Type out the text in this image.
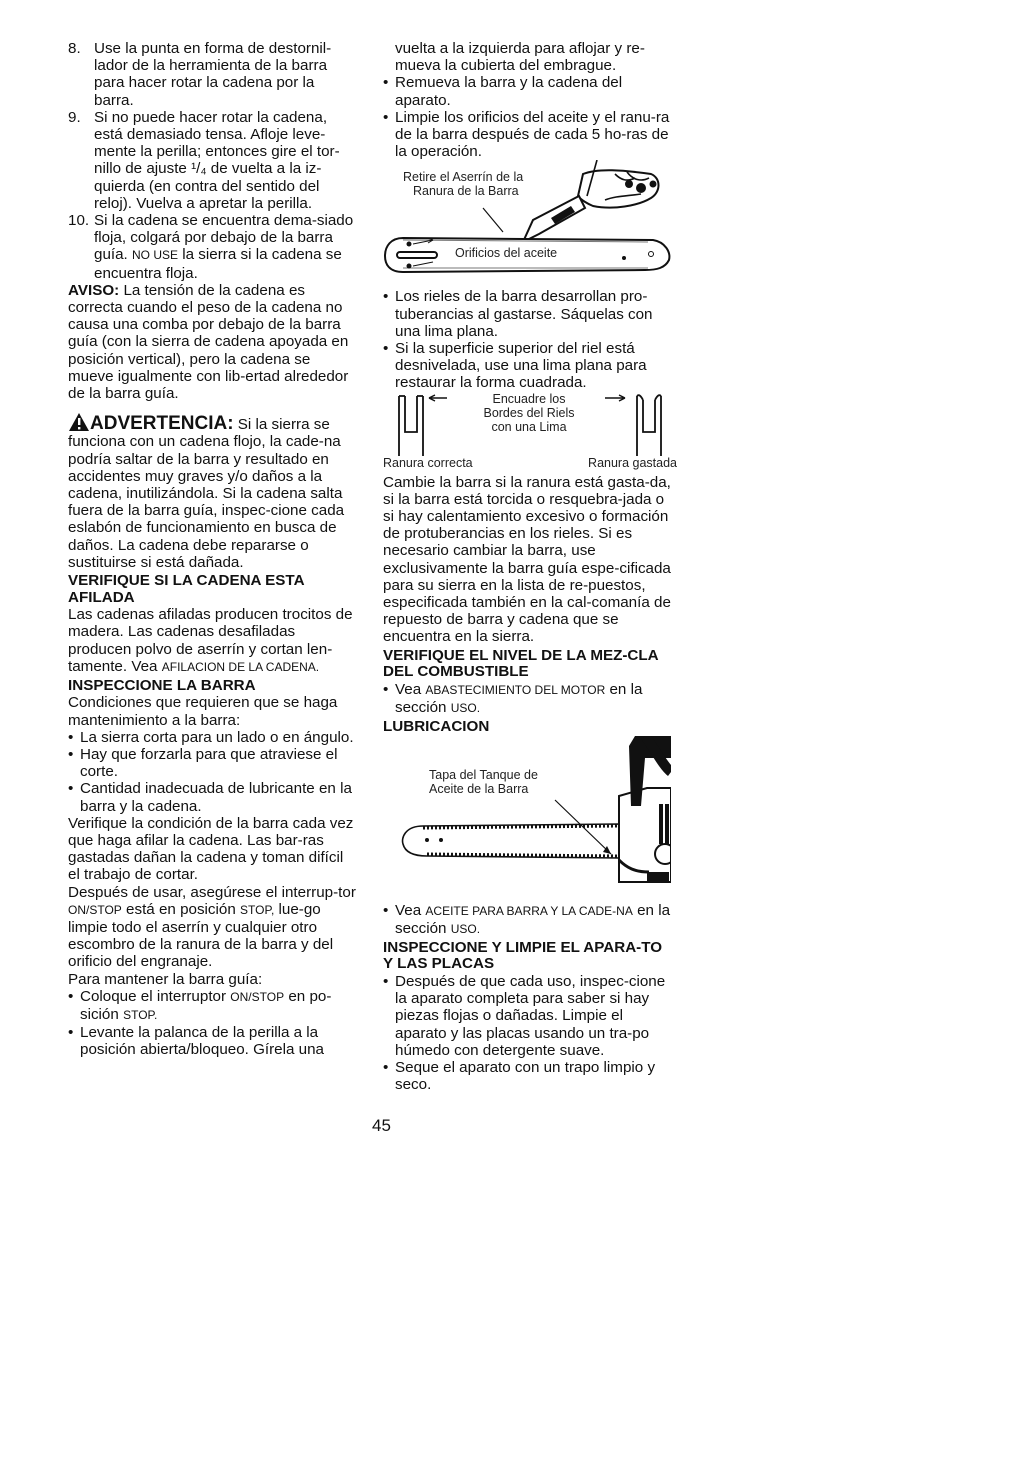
8. Use la punta en forma de destornil-lador de la herramienta de la barra para hacer rotar la cadena por la barra.
9. Si no puede hacer rotar la cadena, está demasiado tensa. Afloje leve-mente la perilla; entonces gire el tor-nillo de ajuste ¹/₄ de vuelta a la iz-quierda (en contra del sentido del reloj). Vuelva a apretar la perilla.
10. Si la cadena se encuentra dema-siado floja, colgará por debajo de la barra guía. NO USE la sierra si la cadena se encuentra floja.

AVISO: La tensión de la cadena es correcta cuando el peso de la cadena no causa una comba por debajo de la barra guía (con la sierra de cadena apoyada en posición vertical), pero la cadena se mueve igualmente con lib-ertad alrededor de la barra guía.

ADVERTENCIA: Si la sierra se funciona con un cadena flojo, la cade-na podría saltar de la barra y resultado en accidentes muy graves y/o daños a la cadena, inutilizándola. Si la cadena salta fuera de la barra guía, inspec-cione cada eslabón de funcionamiento en busca de daños. La cadena debe repararse o sustituirse si está dañada.

VERIFIQUE SI LA CADENA ESTA AFILADA

Las cadenas afiladas producen trocitos de madera. Las cadenas desafiladas producen polvo de aserrín y cortan len-tamente. Vea AFILACION DE LA CADENA.

INSPECCIONE LA BARRA

Condiciones que requieren que se haga mantenimiento a la barra:

• La sierra corta para un lado o en ángulo.
• Hay que forzarla para que atraviese el corte.
• Cantidad inadecuada de lubricante en la barra y la cadena.

Verifique la condición de la barra cada vez que haga afilar la cadena. Las bar-ras gastadas dañan la cadena y toman difícil el trabajo de cortar.

Después de usar, asegúrese el interrup-tor ON/STOP está en posición STOP, lue-go limpie todo el aserrín y cualquier otro escombro de la ranura de la barra y del orificio del engranaje.

Para mantener la barra guía:

• Coloque el interruptor ON/STOP en po-sición STOP.
• Levante la palanca de la perilla a la posición abierta/bloqueo. Gírela una

vuelta a la izquierda para aflojar y re-mueva la cubierta del embrague.

• Remueva la barra y la cadena del aparato.
• Limpie los orificios del aceite y el ranu-ra de la barra después de cada 5 ho-ras de la operación.
Retire el Aserrín de la
Ranura de la Barra
Orificios del aceite
• Los rieles de la barra desarrollan pro-tuberancias al gastarse. Sáquelas con una lima plana.
• Si la superficie superior del riel está desnivelada, use una lima plana para restaurar la forma cuadrada.
Encuadre los
Bordes del Riels
con una Lima
Ranura correcta	Ranura gastada

Cambie la barra si la ranura está gasta-da, si la barra está torcida o resquebra-jada o si hay calentamiento excesivo o formación de protuberancias en los rieles. Si es necesario cambiar la barra, use exclusivamente la barra guía espe-cificada para su sierra en la lista de re-puestos, especificada también en la cal-comanía de repuesto de barra y cadena que se encuentra en la sierra.

VERIFIQUE EL NIVEL DE LA MEZ-CLA DEL COMBUSTIBLE
• Vea ABASTECIMIENTO DEL MOTOR en la sección USO.
LUBRICACION
Tapa del Tanque de
Aceite de la Barra
• Vea ACEITE PARA BARRA Y LA CADE-NA en la sección USO.
INSPECCIONE Y LIMPIE EL APARA-TO Y LAS PLACAS
• Después de que cada uso, inspec-cione la aparato completa para saber si hay piezas flojas o dañadas. Limpie el aparato y las placas usando un tra-po húmedo con detergente suave.
• Seque el aparato con un trapo limpio y seco.
45
